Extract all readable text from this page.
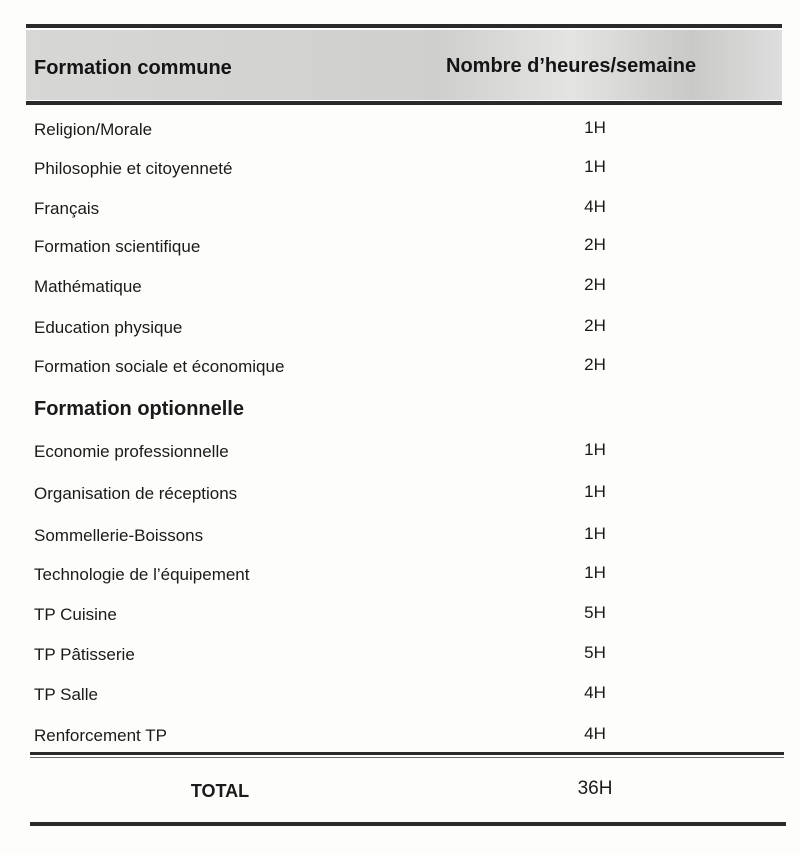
Formation commune	Nombre d’heures/semaine
Religion/Morale	1H
Philosophie et citoyenneté	1H
Français	4H
Formation scientifique	2H
Mathématique	2H
Education physique	2H
Formation sociale et économique	2H
Formation optionnelle
Economie professionnelle	1H
Organisation de réceptions	1H
Sommellerie-Boissons	1H
Technologie de l’équipement	1H
TP Cuisine	5H
TP Pâtisserie	5H
TP Salle	4H
Renforcement TP	4H
TOTAL	36H
